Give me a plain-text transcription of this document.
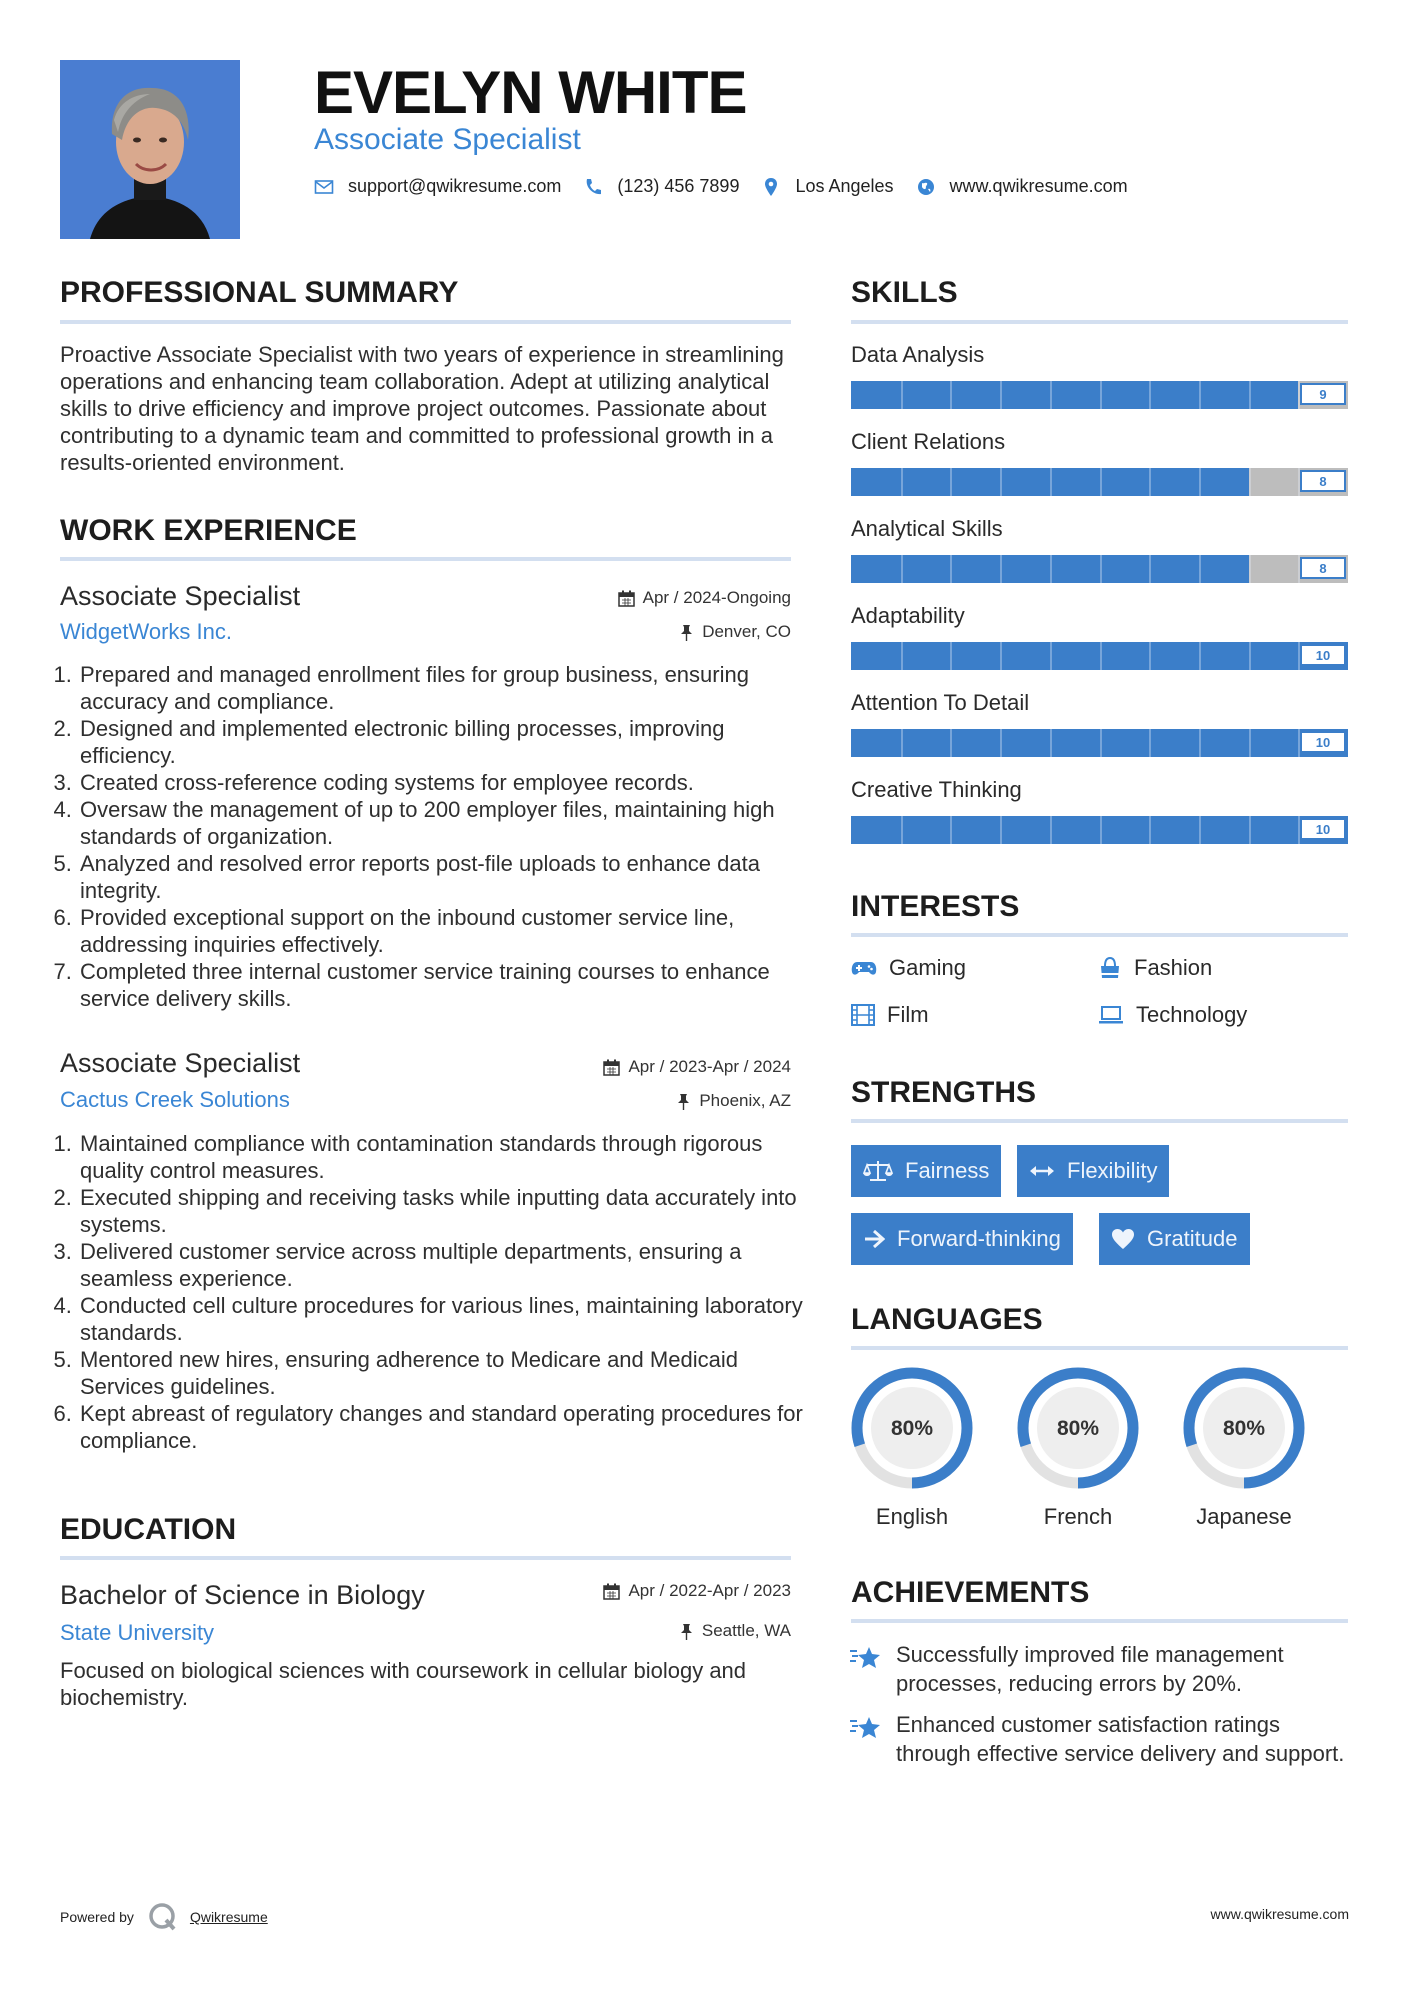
EVELYN WHITE
Associate Specialist
support@qwikresume.com	(123) 456 7899	Los Angeles	www.qwikresume.com
PROFESSIONAL SUMMARY
Proactive Associate Specialist with two years of experience in streamlining operations and enhancing team collaboration. Adept at utilizing analytical skills to drive efficiency and improve project outcomes. Passionate about contributing to a dynamic team and committed to professional growth in a results-oriented environment.
WORK EXPERIENCE
Associate Specialist	Apr / 2024-Ongoing
WidgetWorks Inc.	Denver, CO
1. Prepared and managed enrollment files for group business, ensuring accuracy and compliance.
2. Designed and implemented electronic billing processes, improving efficiency.
3. Created cross-reference coding systems for employee records.
4. Oversaw the management of up to 200 employer files, maintaining high standards of organization.
5. Analyzed and resolved error reports post-file uploads to enhance data integrity.
6. Provided exceptional support on the inbound customer service line, addressing inquiries effectively.
7. Completed three internal customer service training courses to enhance service delivery skills.
Associate Specialist	Apr / 2023-Apr / 2024
Cactus Creek Solutions	Phoenix, AZ
1. Maintained compliance with contamination standards through rigorous quality control measures.
2. Executed shipping and receiving tasks while inputting data accurately into systems.
3. Delivered customer service across multiple departments, ensuring a seamless experience.
4. Conducted cell culture procedures for various lines, maintaining laboratory standards.
5. Mentored new hires, ensuring adherence to Medicare and Medicaid Services guidelines.
6. Kept abreast of regulatory changes and standard operating procedures for compliance.
EDUCATION
Bachelor of Science in Biology	Apr / 2022-Apr / 2023
State University	Seattle, WA
Focused on biological sciences with coursework in cellular biology and biochemistry.
SKILLS
Data Analysis
9
Client Relations
8
Analytical Skills
8
Adaptability
10
Attention To Detail
10
Creative Thinking
10
INTERESTS
Gaming	Fashion
Film	Technology
STRENGTHS
Fairness	Flexibility
Forward-thinking	Gratitude
LANGUAGES
80%
English
80%
French
80%
Japanese
ACHIEVEMENTS
Successfully improved file management processes, reducing errors by 20%.
Enhanced customer satisfaction ratings through effective service delivery and support.
Powered by	Qwikresume	www.qwikresume.com
